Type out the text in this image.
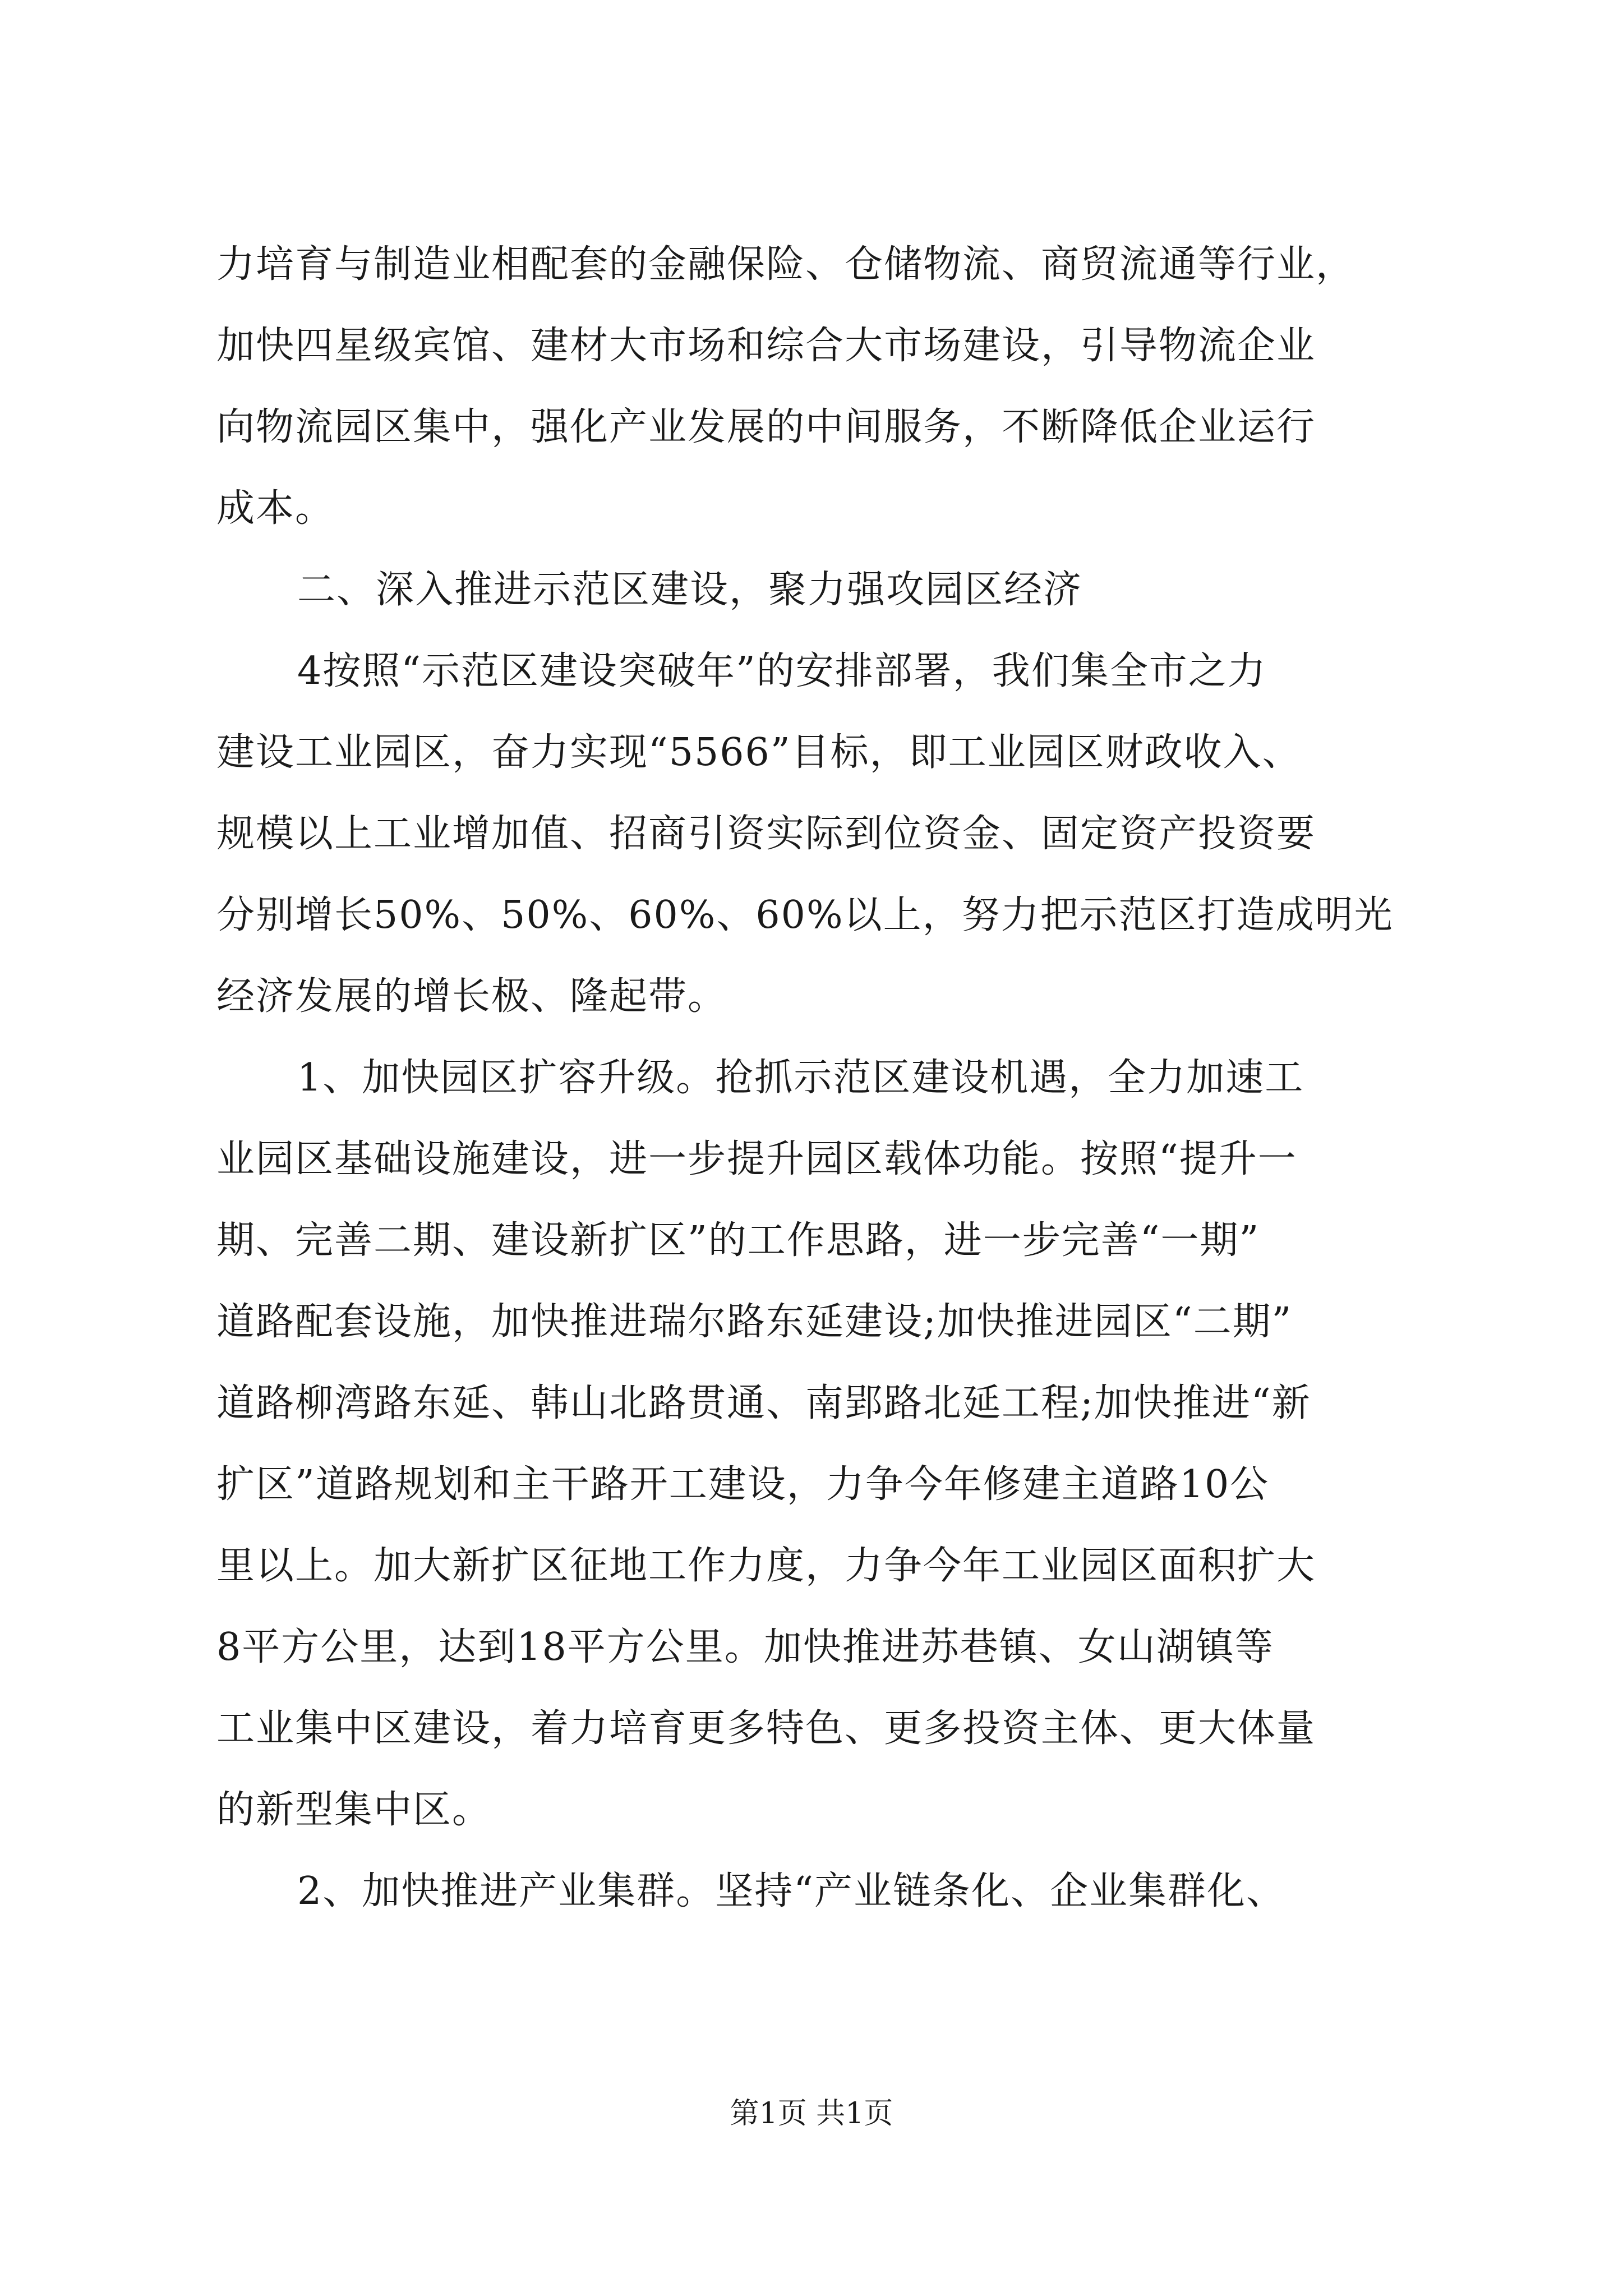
力培育与制造业相配套的金融保险、仓储物流、商贸流通等行业，
加快四星级宾馆、建材大市场和综合大市场建设，引导物流企业
向物流园区集中，强化产业发展的中间服务，不断降低企业运行
成本。
二、深入推进示范区建设，聚力强攻园区经济
4按照“示范区建设突破年”的安排部署，我们集全市之力
建设工业园区，奋力实现“5566”目标，即工业园区财政收入、
规模以上工业增加值、招商引资实际到位资金、固定资产投资要
分别增长50%、50%、60%、60%以上，努力把示范区打造成明光
经济发展的增长极、隆起带。
1、加快园区扩容升级。抢抓示范区建设机遇，全力加速工
业园区基础设施建设，进一步提升园区载体功能。按照“提升一
期、完善二期、建设新扩区”的工作思路，进一步完善“一期”
道路配套设施，加快推进瑞尔路东延建设;加快推进园区“二期”
道路柳湾路东延、韩山北路贯通、南郢路北延工程;加快推进“新
扩区”道路规划和主干路开工建设，力争今年修建主道路10公
里以上。加大新扩区征地工作力度，力争今年工业园区面积扩大
8平方公里，达到18平方公里。加快推进苏巷镇、女山湖镇等
工业集中区建设，着力培育更多特色、更多投资主体、更大体量
的新型集中区。
2、加快推进产业集群。坚持“产业链条化、企业集群化、
第1页 共1页
